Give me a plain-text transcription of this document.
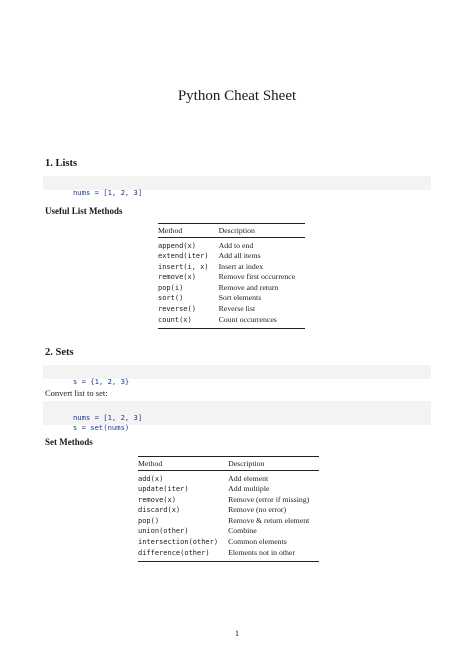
Python Cheat Sheet
1. Lists

nums = [1, 2, 3]

Useful List Methods
Method	Description

append(x)	Add to end
extend(iter)	Add all items
insert(i, x)	Insert at index
remove(x)	Remove first occurrence
pop(i)	Remove and return
sort()	Sort elements
reverse()	Reverse list
count(x)	Count occurrences

2. Sets

s = {1, 2, 3}

Convert list to set:

nums = [1, 2, 3]

s = set(nums)

Set Methods
Method	Description

add(x)	Add element
update(iter)	Add multiple
remove(x)	Remove (error if missing)
discard(x)	Remove (no error)
pop()	Remove & return element
union(other)	Combine
intersection(other)	Common elements
difference(other)	Elements not in other

1
